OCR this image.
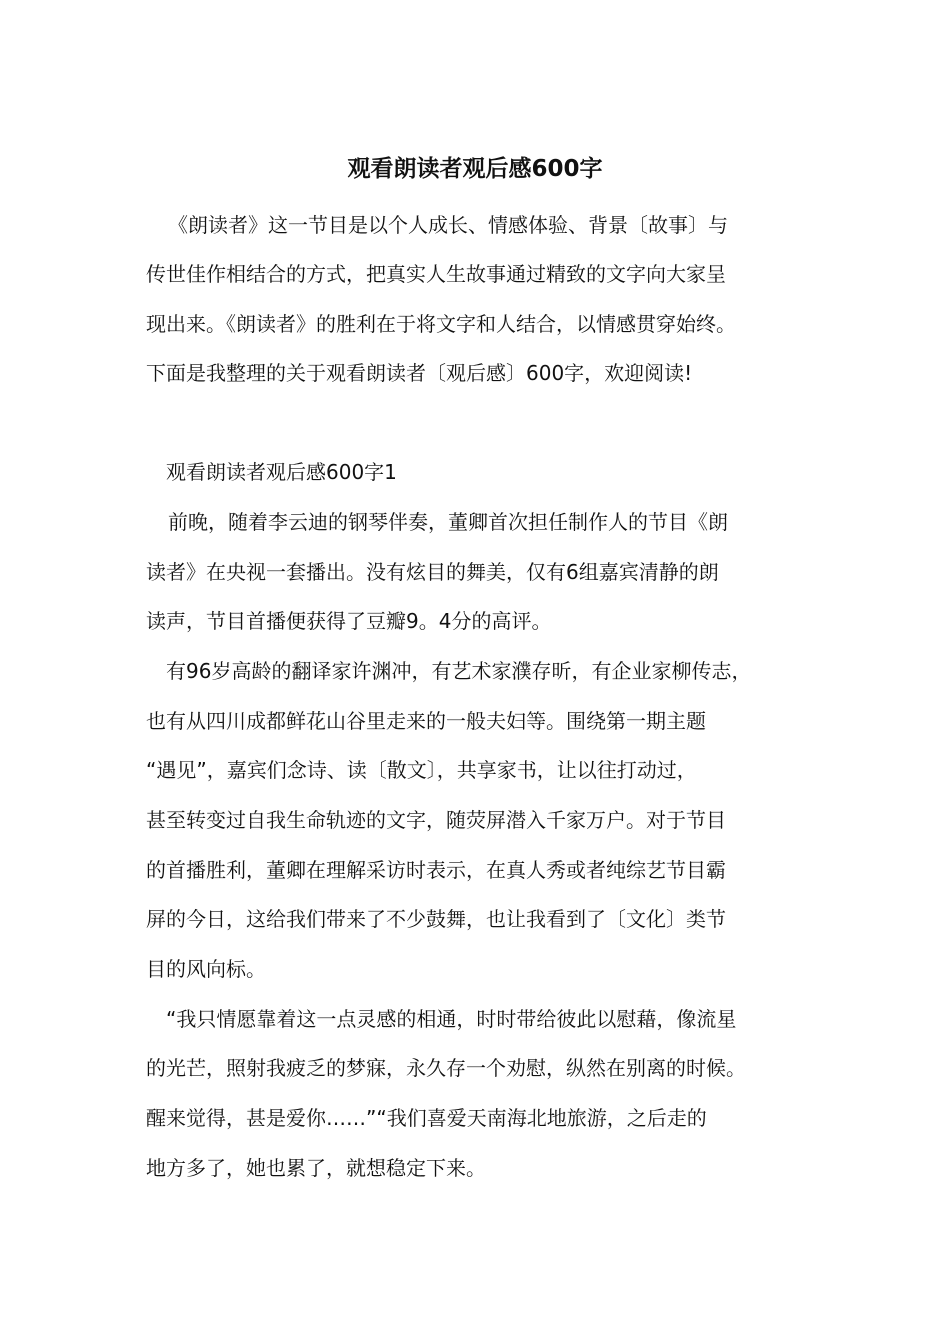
观看朗读者观后感600字
《朗读者》这一节目是以个人成长、情感体验、背景〔故事〕与
传世佳作相结合的方式，把真实人生故事通过精致的文字向大家呈
现出来。《朗读者》的胜利在于将文字和人结合，以情感贯穿始终。
下面是我整理的关于观看朗读者〔观后感〕600字，欢迎阅读!
观看朗读者观后感600字1
前晚，随着李云迪的钢琴伴奏，董卿首次担任制作人的节目《朗
读者》在央视一套播出。没有炫目的舞美，仅有6组嘉宾清静的朗
读声，节目首播便获得了豆瓣9。4分的高评。
有96岁高龄的翻译家许渊冲，有艺术家濮存昕，有企业家柳传志，
也有从四川成都鲜花山谷里走来的一般夫妇等。围绕第一期主题
“遇见”，嘉宾们念诗、读〔散文〕，共享家书，让以往打动过，
甚至转变过自我生命轨迹的文字，随荧屏潜入千家万户。对于节目
的首播胜利，董卿在理解采访时表示，在真人秀或者纯综艺节目霸
屏的今日，这给我们带来了不少鼓舞，也让我看到了〔文化〕类节
目的风向标。
“我只情愿靠着这一点灵感的相通，时时带给彼此以慰藉，像流星
的光芒，照射我疲乏的梦寐，永久存一个劝慰，纵然在别离的时候。
醒来觉得，甚是爱你……”“我们喜爱天南海北地旅游，之后走的
地方多了，她也累了，就想稳定下来。
